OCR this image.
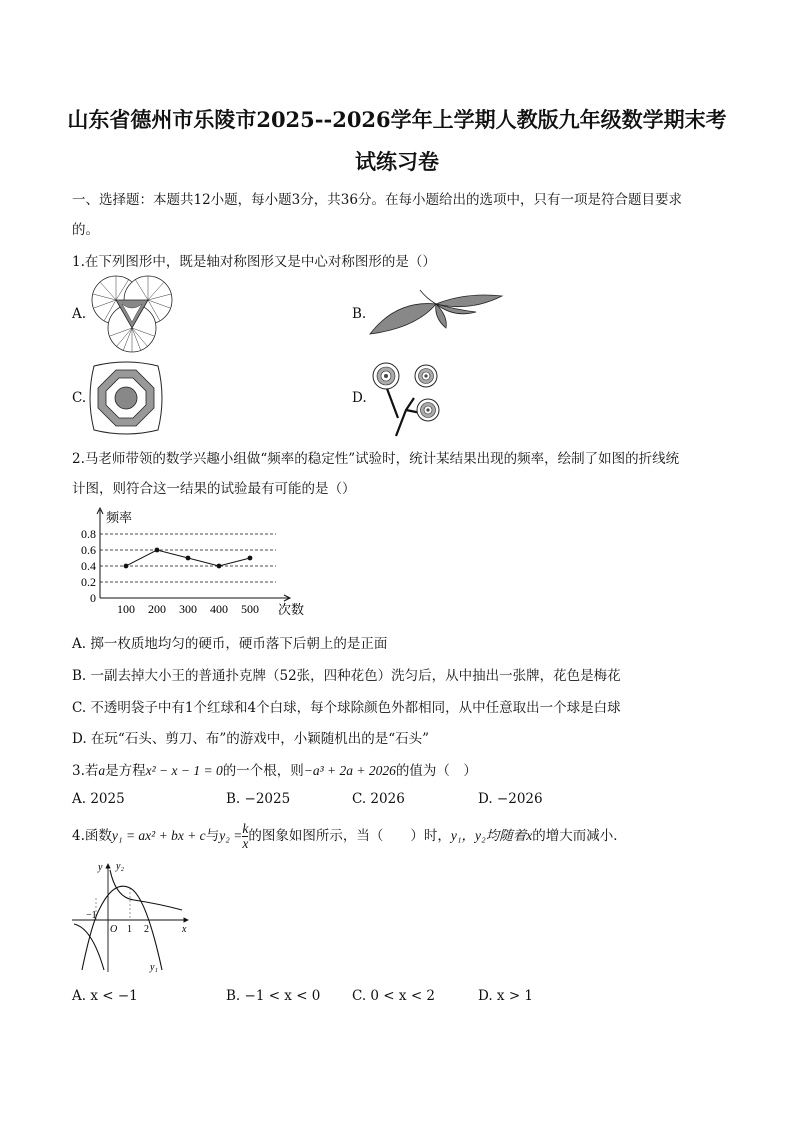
山东省德州市乐陵市2025--2026学年上学期人教版九年级数学期末考
试练习卷
一、选择题：本题共12小题，每小题3分，共36分。在每小题给出的选项中，只有一项是符合题目要求
的。
1.在下列图形中，既是轴对称图形又是中心对称图形的是（）
A.	B.
C.	D.
2.马老师带领的数学兴趣小组做“频率的稳定性”试验时，统计某结果出现的频率，绘制了如图的折线统
计图，则符合这一结果的试验最有可能的是（）
0.8
0.6
0.4
0.2
0
100 200 300 400 500
频率
次数
A. 掷一枚质地均匀的硬币，硬币落下后朝上的是正面
B. 一副去掉大小王的普通扑克牌（52张，四种花色）洗匀后，从中抽出一张牌，花色是梅花
C. 不透明袋子中有1个红球和4个白球，每个球除颜色外都相同，从中任意取出一个球是白球
D. 在玩“石头、剪刀、布”的游戏中，小颖随机出的是“石头”
3.若a是方程x² − x − 1 = 0的一个根，则−a³ + 2a + 2026的值为（　）
A. 2025	B. −2025	C. 2026	D. −2026
4.函数y₁ = ax² + bx + c与$y_2 = \frac{k}{x}$ 的图象如图所示，当（　　）时，y₁，y₂均随着x的增大而减小．
y y₂
x
O
−1
1 2
y₁
A. x < −1	B. −1 < x < 0 C. 0 < x < 2	D. x > 1
